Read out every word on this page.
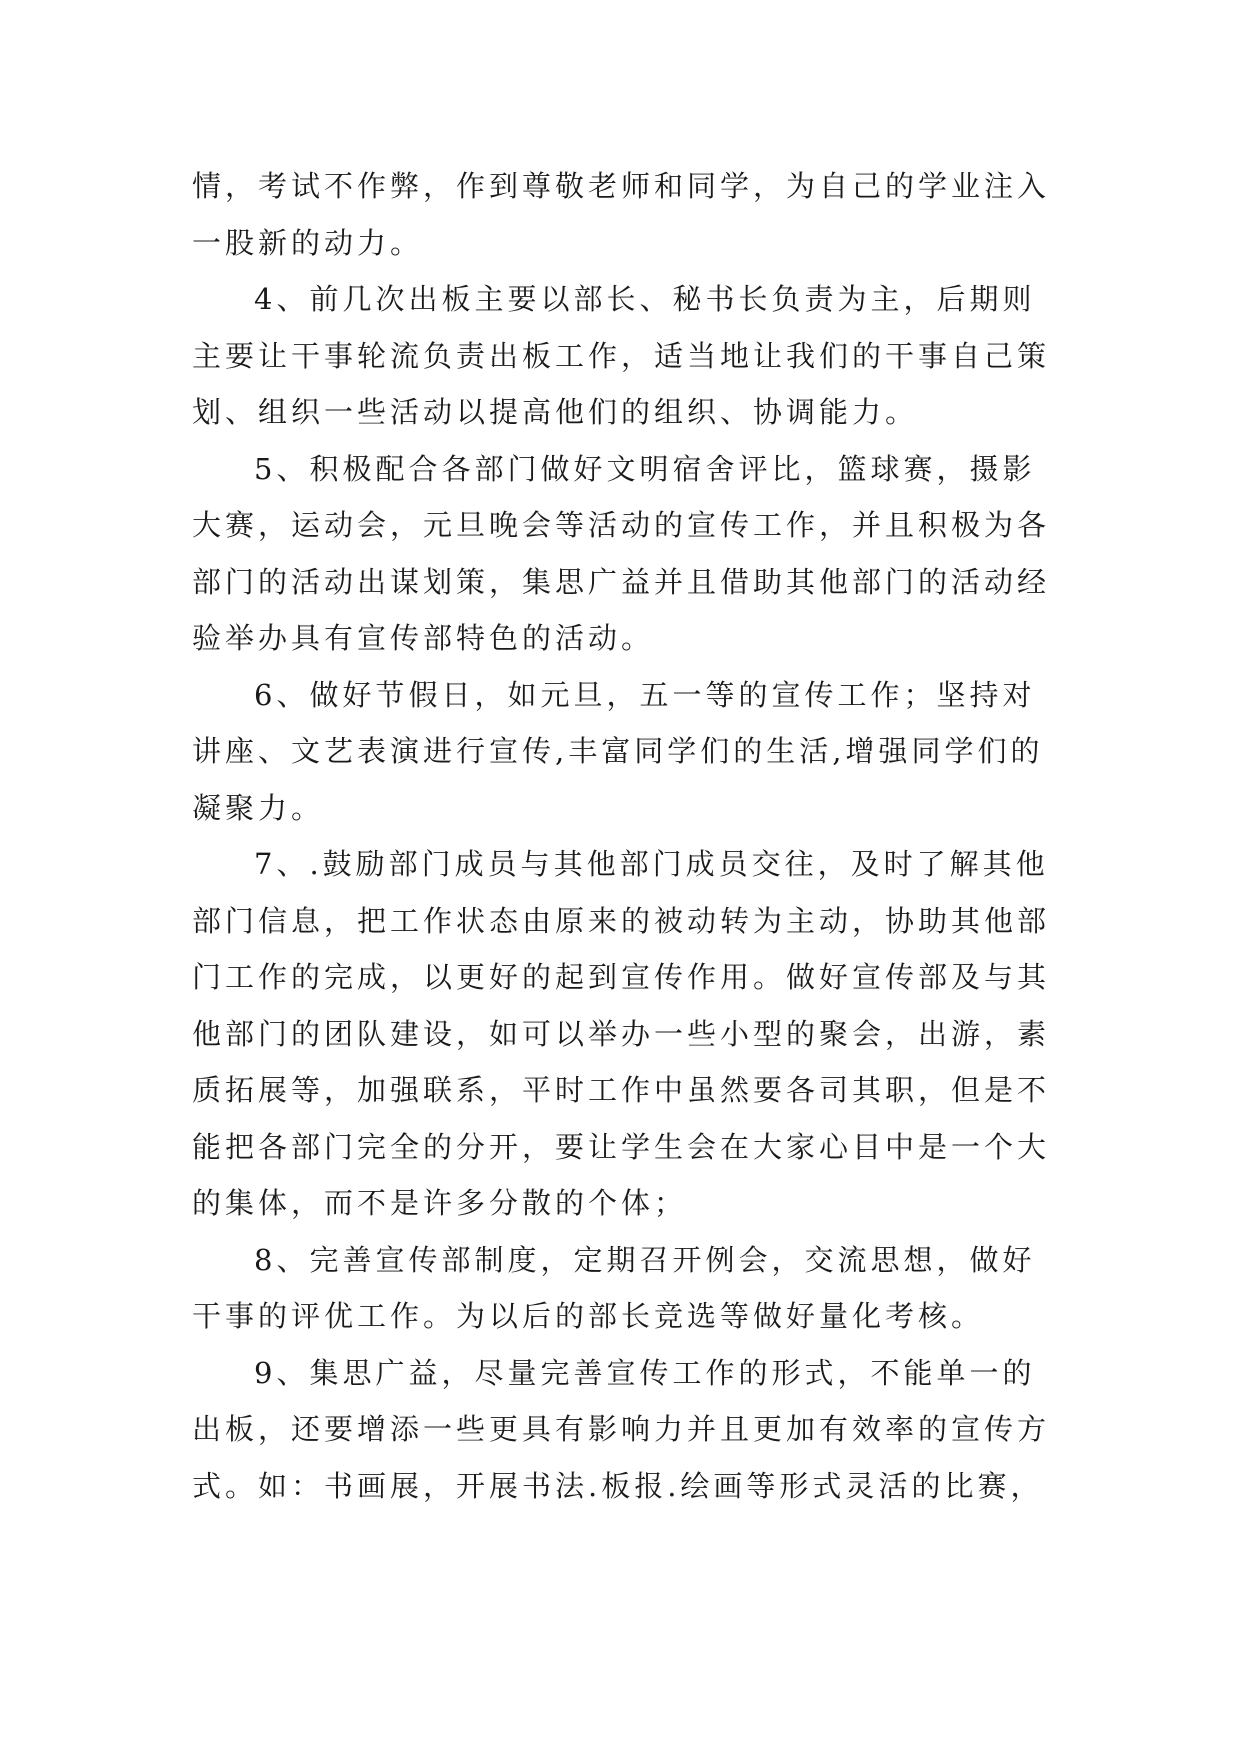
情，考试不作弊，作到尊敬老师和同学，为自己的学业注入
一股新的动力。

4、前几次出板主要以部长、秘书长负责为主，后期则
主要让干事轮流负责出板工作，适当地让我们的干事自己策
划、组织一些活动以提高他们的组织、协调能力。

5、积极配合各部门做好文明宿舍评比，篮球赛，摄影
大赛，运动会，元旦晚会等活动的宣传工作，并且积极为各
部门的活动出谋划策，集思广益并且借助其他部门的活动经
验举办具有宣传部特色的活动。

6、做好节假日，如元旦，五一等的宣传工作；坚持对
讲座、文艺表演进行宣传,丰富同学们的生活,增强同学们的
凝聚力。

7、.鼓励部门成员与其他部门成员交往，及时了解其他
部门信息，把工作状态由原来的被动转为主动，协助其他部
门工作的完成，以更好的起到宣传作用。做好宣传部及与其
他部门的团队建设，如可以举办一些小型的聚会，出游，素
质拓展等，加强联系，平时工作中虽然要各司其职，但是不
能把各部门完全的分开，要让学生会在大家心目中是一个大
的集体，而不是许多分散的个体；

8、完善宣传部制度，定期召开例会，交流思想，做好
干事的评优工作。为以后的部长竞选等做好量化考核。

9、集思广益，尽量完善宣传工作的形式，不能单一的
出板，还要增添一些更具有影响力并且更加有效率的宣传方
式。如：书画展，开展书法.板报.绘画等形式灵活的比赛，
